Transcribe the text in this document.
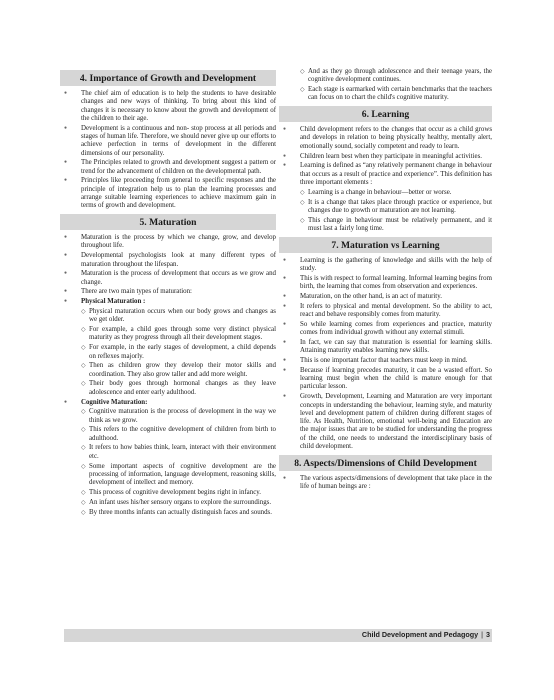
4. Importance of Growth and Development
● The chief aim of education is to help the students to have desirable changes and new ways of thinking. To bring about this kind of changes it is necessary to know about the growth and development of the children to their age.
● Development is a continuous and non- stop process at all periods and stages of human life. Therefore, we should never give up our efforts to achieve perfection in terms of development in the different dimensions of our personality.
● The Principles related to growth and development suggest a pattern or trend for the advancement of children on the developmental path.
● Principles like proceeding from general to specific responses and the principle of integration help us to plan the learning processes and arrange suitable learning experiences to achieve maximum gain in terms of growth and development.
5. Maturation
● Maturation is the process by which we change, grow, and develop throughout life.
● Developmental psychologists look at many different types of maturation throughout the lifespan.
● Maturation is the process of development that occurs as we grow and change.
● There are two main types of maturation:
● Physical Maturation :
◇ Physical maturation occurs when our body grows and changes as we get older.
◇ For example, a child goes through some very distinct physical maturity as they progress through all their development stages.
◇ For example, in the early stages of development, a child depends on reflexes majorly.
◇ Then as children grow they develop their motor skills and coordination. They also grow taller and add more weight.
◇ Their body goes through hormonal changes as they leave adolescence and enter early adulthood.
● Cognitive Maturation:
◇ Cognitive maturation is the process of development in the way we think as we grow.
◇ This refers to the cognitive development of children from birth to adulthood.
◇ It refers to how babies think, learn, interact with their environment etc.
◇ Some important aspects of cognitive development are the processing of information, language development, reasoning skills, development of intellect and memory.
◇ This process of cognitive development begins right in infancy.
◇ An infant uses his/her sensory organs to explore the surroundings.
◇ By three months infants can actually distinguish faces and sounds.
◇ And as they go through adolescence and their teenage years, the cognitive development continues.
◇ Each stage is earmarked with certain benchmarks that the teachers can focus on to chart the child's cognitive maturity.
6. Learning
● Child development refers to the changes that occur as a child grows and develops in relation to being physically healthy, mentally alert, emotionally sound, socially competent and ready to learn.
● Children learn best when they participate in meaningful activities.
● Learning is defined as “any relatively permanent change in behaviour that occurs as a result of practice and experience”. This definition has three important elements :
◇ Learning is a change in behaviour—better or worse.
◇ It is a change that takes place through practice or experience, but changes due to growth or maturation are not learning.
◇ This change in behaviour must be relatively permanent, and it must last a fairly long time.
7. Maturation vs Learning
● Learning is the gathering of knowledge and skills with the help of study.
● This is with respect to formal learning. Informal learning begins from birth, the learning that comes from observation and experiences.
● Maturation, on the other hand, is an act of maturity.
● It refers to physical and mental development. So the ability to act, react and behave responsibly comes from maturity.
● So while learning comes from experiences and practice, maturity comes from individual growth without any external stimuli.
● In fact, we can say that maturation is essential for learning skills. Attaining maturity enables learning new skills.
● This is one important factor that teachers must keep in mind.
● Because if learning precedes maturity, it can be a wasted effort. So learning must begin when the child is mature enough for that particular lesson.
● Growth, Development, Learning and Maturation are very important concepts in understanding the behaviour, learning style, and maturity level and development pattern of children during different stages of life. As Health, Nutrition, emotional well-being and Education are the major issues that are to be studied for understanding the progress of the child, one needs to understand the interdisciplinary basis of child development.
8. Aspects/Dimensions of Child Development
● The various aspects/dimensions of development that take place in the life of human beings are :
Child Development and Pedagogy | 3
